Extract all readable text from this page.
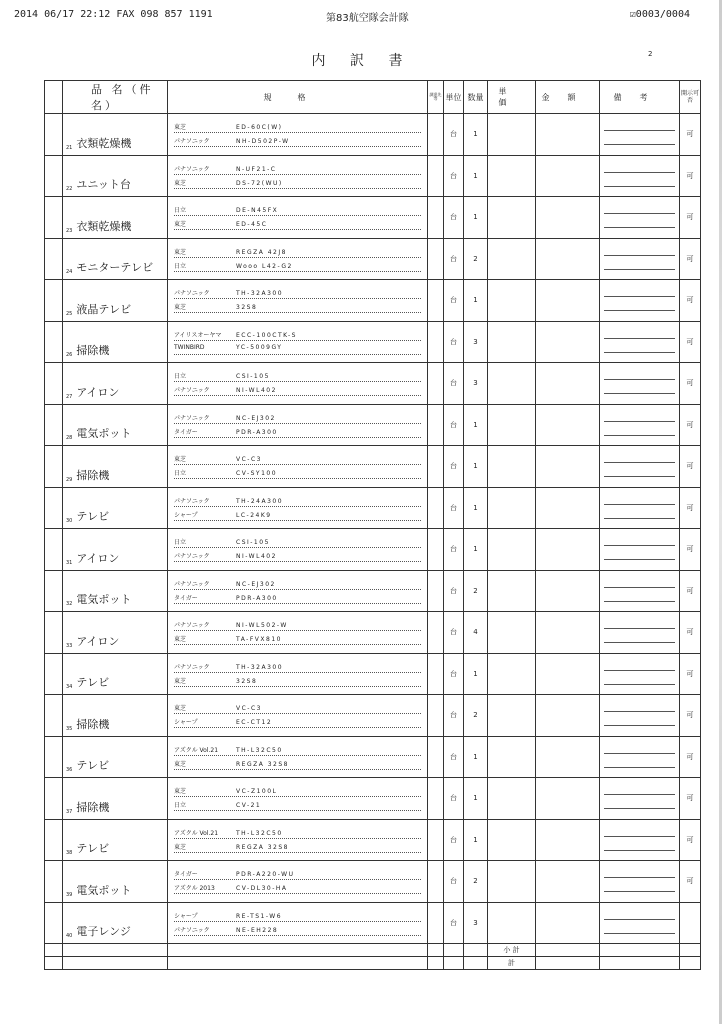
2014 06/17 22:12 FAX 098 857 1191	第83航空隊会計隊	☑0003/0004
内 訳 書	2
	品 名（件 名）	規格	調達先等	単位	数量	単価	金額	備考	開示可否

	21 衣類乾燥機	東芝 ED-60C(W)
パナソニック NH-D502P-W		台	1				可

	22 ユニット台	パナソニック N-UF21-C
東芝 DS-72(WU)		台	1				可

	23 衣類乾燥機	日立 DE-N45FX
東芝 ED-45C		台	1				可

	24 モニターテレビ	東芝 REGZA 42J8
日立 Wooo L42-G2		台	2				可

	25 液晶テレビ	パナソニック TH-32A300
東芝 32S8		台	1				可

	26 掃除機	アイリスオーヤマ ECC-100CTK-S
TWINBIRD YC-5009GY		台	3				可

	27 アイロン	日立 CSI-105
パナソニック NI-WL402		台	3				可

	28 電気ポット	パナソニック NC-EJ302
タイガー PDR-A300		台	1				可

	29 掃除機	東芝 VC-C3
日立 CV-SY100		台	1				可

	30 テレビ	パナソニック TH-24A300
シャープ LC-24K9		台	1				可

	31 アイロン	日立 CSI-105
パナソニック NI-WL402		台	1				可

	32 電気ポット	パナソニック NC-EJ302
タイガー PDR-A300		台	2				可

	33 アイロン	パナソニック NI-WL502-W
東芝 TA-FVX810		台	4				可

	34 テレビ	パナソニック TH-32A300
東芝 32S8		台	1				可

	35 掃除機	東芝 VC-C3
シャープ EC-CT12		台	2				可

	36 テレビ	アズクル Vol.21 TH-L32C50
東芝 REGZA 32S8		台	1				可

	37 掃除機	東芝 VC-Z100L
日立 CV-21		台	1				可

	38 テレビ	アズクル Vol.21 TH-L32C50
東芝 REGZA 32S8		台	1				可

	39 電気ポット	タイガー PDR-A220-WU
アズクル 2013 CV-DL30-HA		台	2				可

	40 電子レンジ	シャープ RE-TS1-W6
パナソニック NE-EH228		台	3			

						小 計			
						計			
